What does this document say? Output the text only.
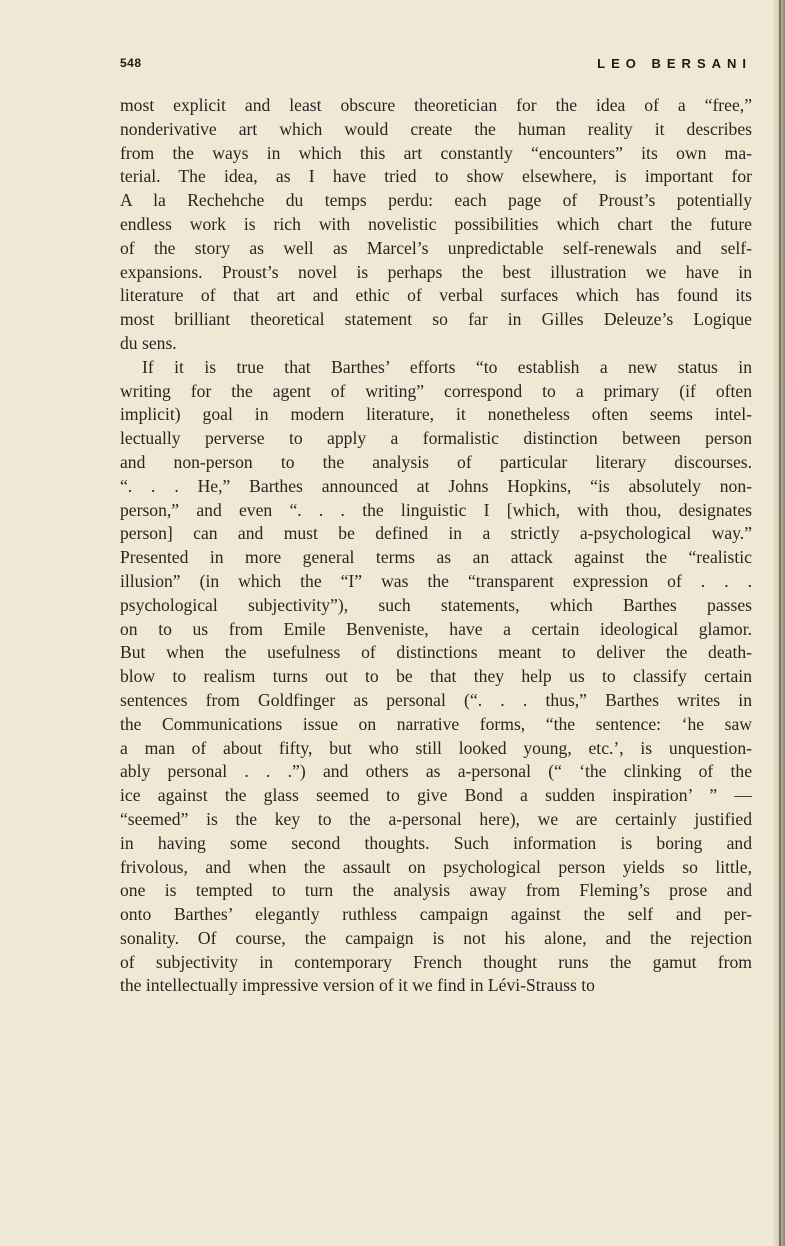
548	LEO BERSANI
most explicit and least obscure theoretician for the idea of a “free,”
nonderivative art which would create the human reality it describes
from the ways in which this art constantly “encounters” its own ma-
terial. The idea, as I have tried to show elsewhere, is important for
A la Rechehche du temps perdu: each page of Proust’s potentially
endless work is rich with novelistic possibilities which chart the future
of the story as well as Marcel’s unpredictable self-renewals and self-
expansions. Proust’s novel is perhaps the best illustration we have in
literature of that art and ethic of verbal surfaces which has found its
most brilliant theoretical statement so far in Gilles Deleuze’s Logique
du sens.
If it is true that Barthes’ efforts “to establish a new status in
writing for the agent of writing” correspond to a primary (if often
implicit) goal in modern literature, it nonetheless often seems intel-
lectually perverse to apply a formalistic distinction between person
and non-person to the analysis of particular literary discourses.
“. . . He,” Barthes announced at Johns Hopkins, “is absolutely non-
person,” and even “. . . the linguistic I [which, with thou, designates
person] can and must be defined in a strictly a-psychological way.”
Presented in more general terms as an attack against the “realistic
illusion” (in which the “I” was the “transparent expression of . . .
psychological subjectivity”), such statements, which Barthes passes
on to us from Emile Benveniste, have a certain ideological glamor.
But when the usefulness of distinctions meant to deliver the death-
blow to realism turns out to be that they help us to classify certain
sentences from Goldfinger as personal (“. . . thus,” Barthes writes in
the Communications issue on narrative forms, “the sentence: ‘he saw
a man of about fifty, but who still looked young, etc.’, is unquestion-
ably personal . . .”) and others as a-personal (“ ‘the clinking of the
ice against the glass seemed to give Bond a sudden inspiration’ ” —
“seemed” is the key to the a-personal here), we are certainly justified
in having some second thoughts. Such information is boring and
frivolous, and when the assault on psychological person yields so little,
one is tempted to turn the analysis away from Fleming’s prose and
onto Barthes’ elegantly ruthless campaign against the self and per-
sonality. Of course, the campaign is not his alone, and the rejection
of subjectivity in contemporary French thought runs the gamut from
the intellectually impressive version of it we find in Lévi-Strauss to
